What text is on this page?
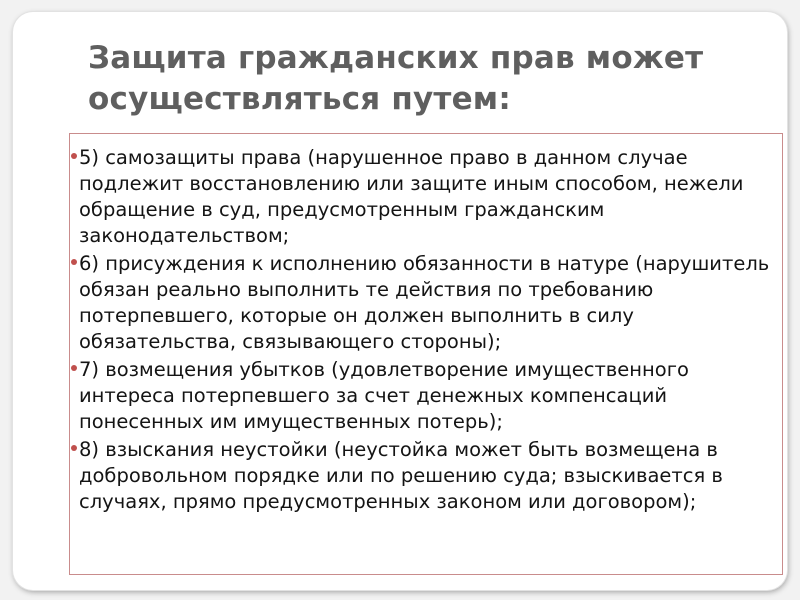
Защита гражданских прав может осуществляться путем:
5) самозащиты права (нарушенное право в данном случае подлежит восстановлению или защите иным способом, нежели обращение в суд, предусмотренным гражданским законодательством;
6) присуждения к исполнению обязанности в натуре (нарушитель обязан реально выполнить те действия по требованию потерпевшего, которые он должен выполнить в силу обязательства, связывающего стороны);
7) возмещения убытков (удовлетворение имущественного интереса потерпевшего за счет денежных компенсаций понесенных им имущественных потерь);
8) взыскания неустойки (неустойка может быть возмещена в добровольном порядке или по решению суда; взыскивается в случаях, прямо предусмотренных законом или договором);
